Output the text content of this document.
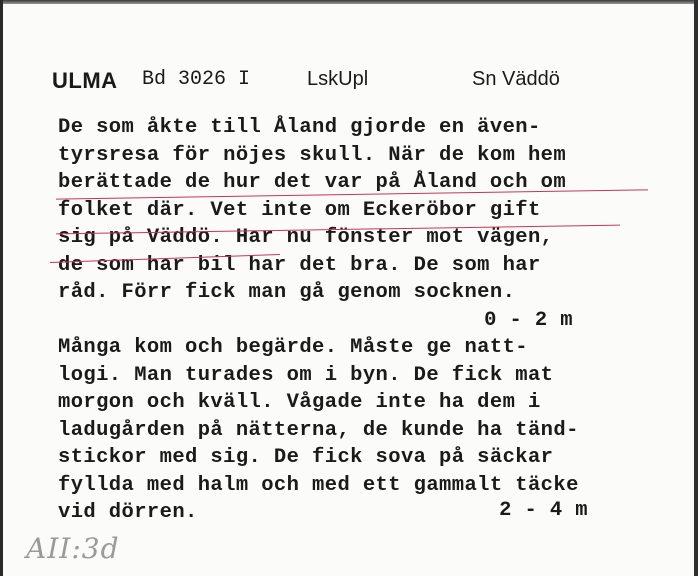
ULMA Bd 3026 I	LskUpl	Sn Väddö
De som åkte till Åland gjorde en även-
tyrsresa för nöjes skull. När de kom hem
berättade de hur det var på Åland och om
folket där. Vet inte om Eckeröbor gift
sig på Väddö. Har nu fönster mot vägen,
de som har bil har det bra. De som har
råd. Förr fick man gå genom socknen.
0 - 2 m
Många kom och begärde. Måste ge natt-
logi. Man turades om i byn. De fick mat
morgon och kväll. Vågade inte ha dem i
ladugården på nätterna, de kunde ha tänd-
stickor med sig. De fick sova på säckar
fyllda med halm och med ett gammalt täcke
vid dörren.	2 - 4 m
AII:3d
